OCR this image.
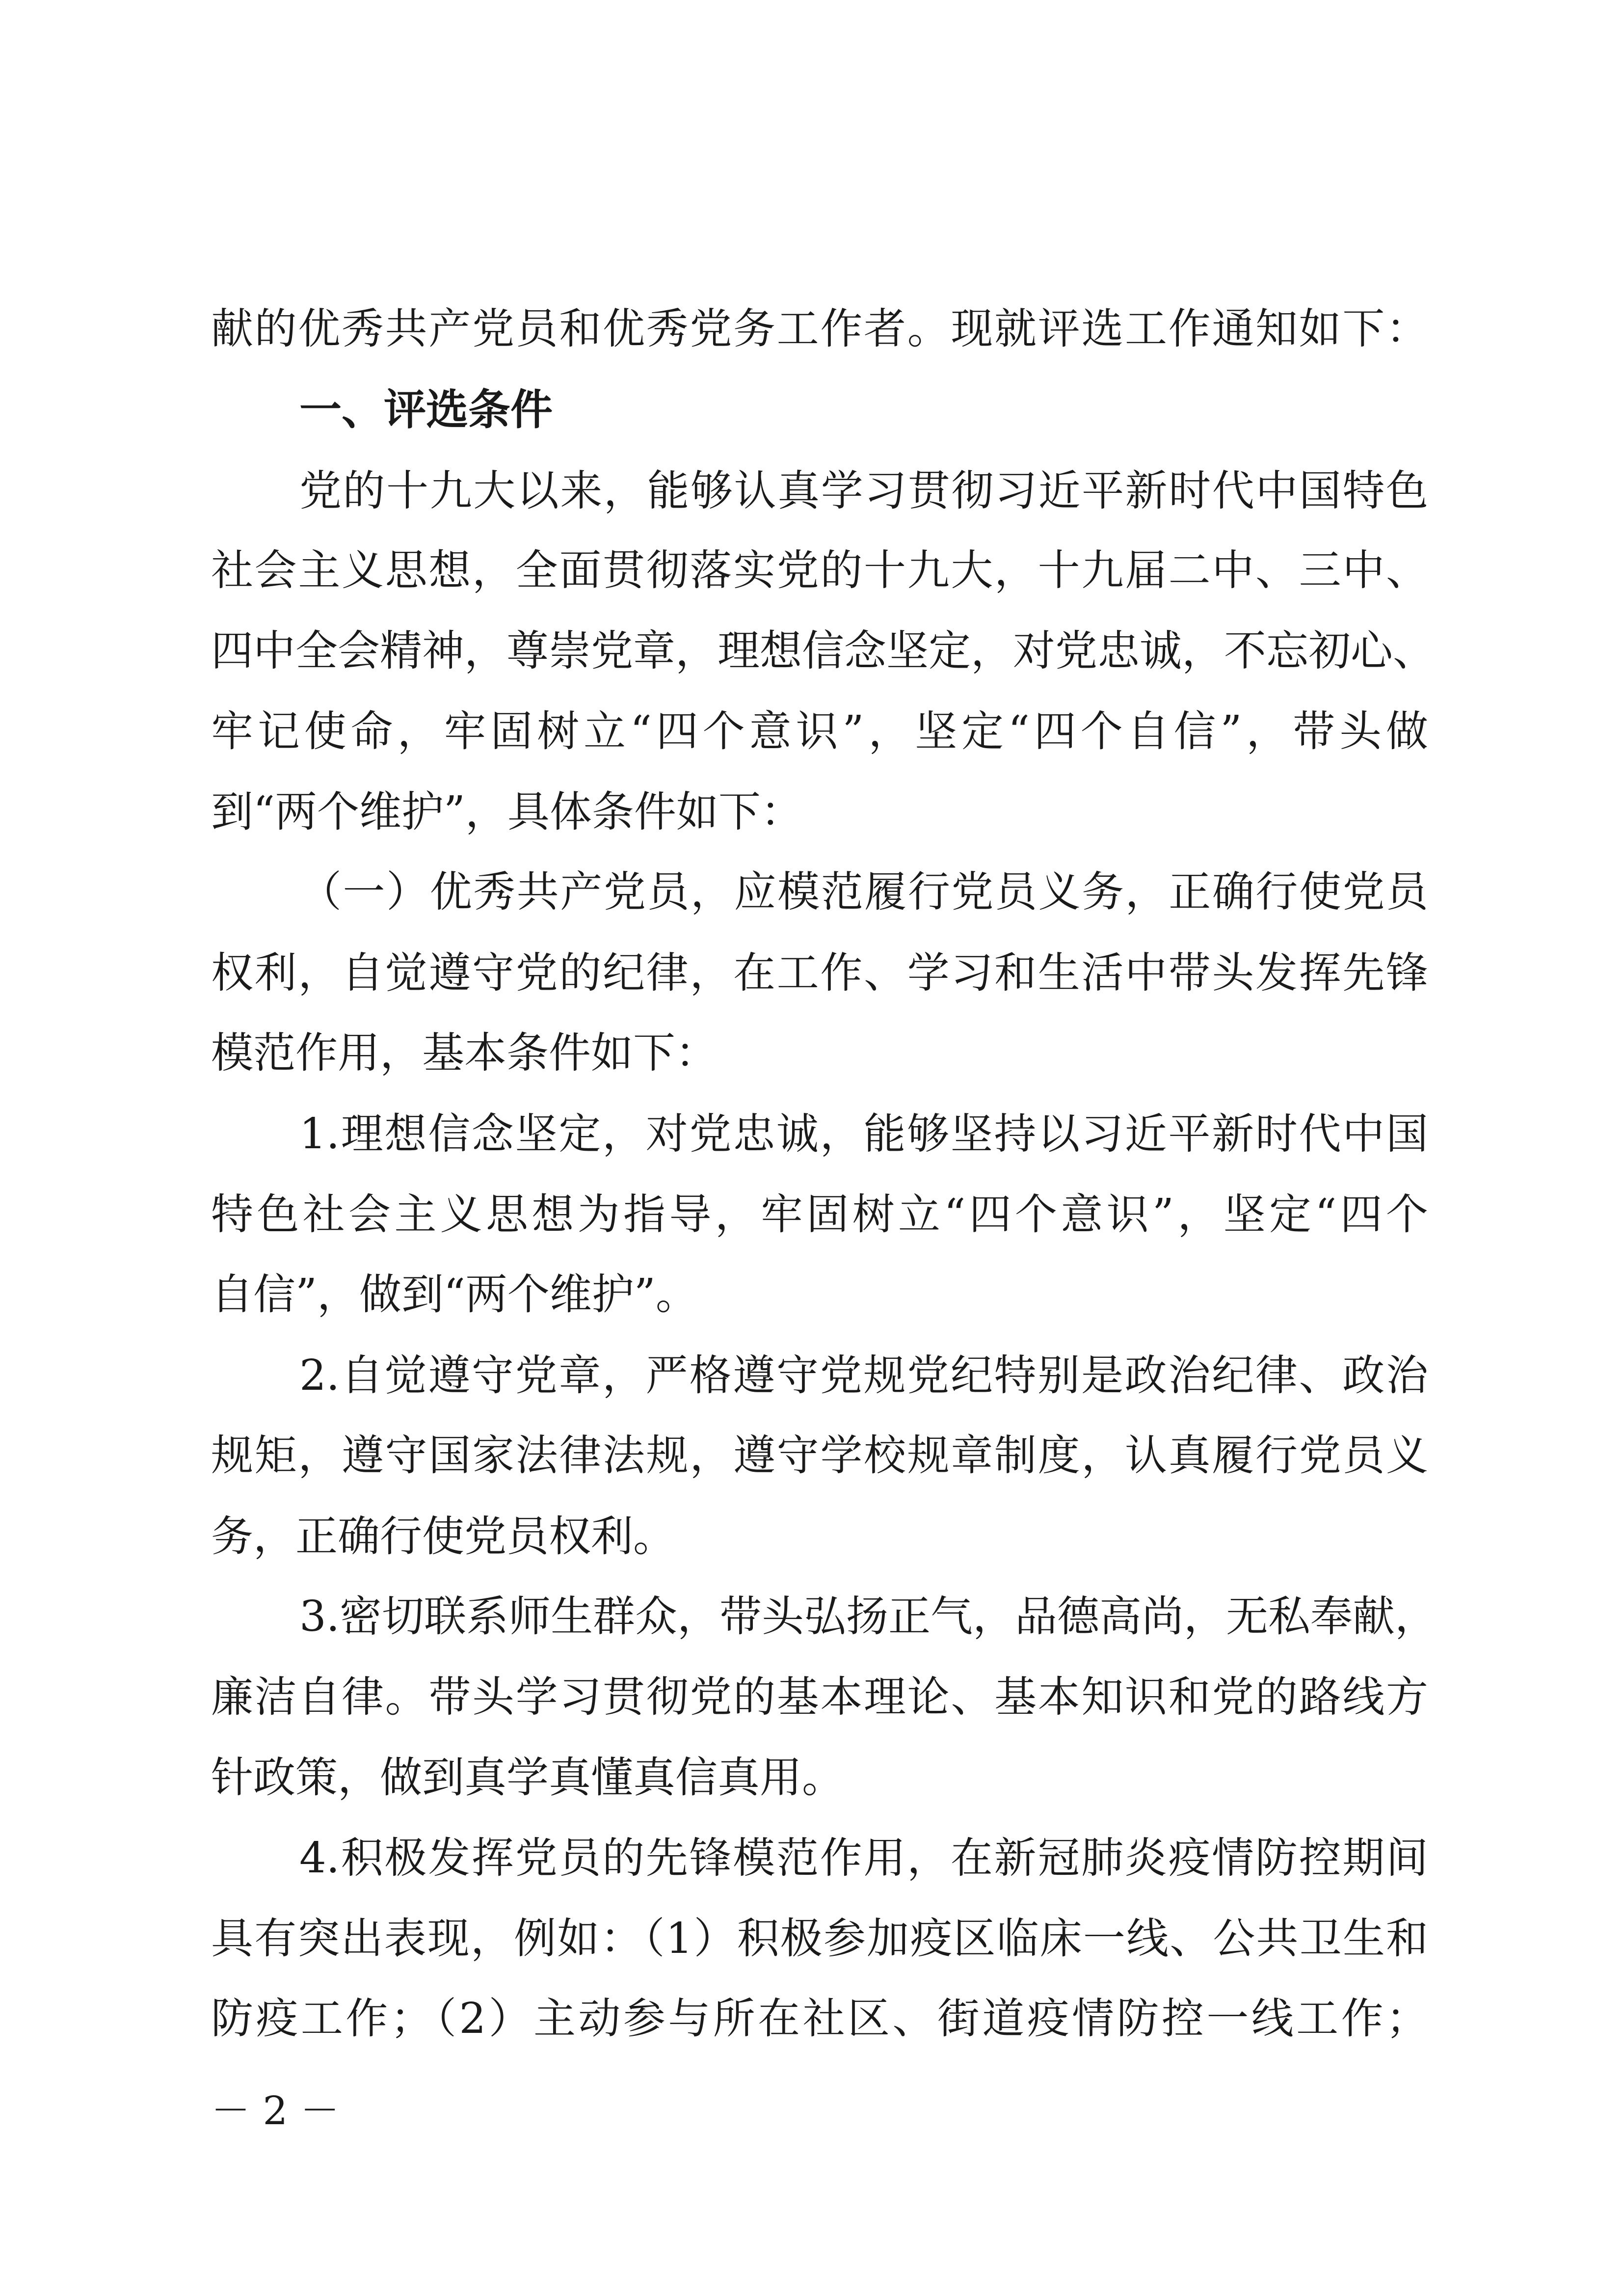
献的优秀共产党员和优秀党务工作者。现就评选工作通知如下：

一、评选条件

党的十九大以来，能够认真学习贯彻习近平新时代中国特色

社会主义思想，全面贯彻落实党的十九大，十九届二中、三中、

四中全会精神，尊崇党章，理想信念坚定，对党忠诚，不忘初心、

牢记使命，牢固树立“四个意识”，坚定“四个自信”，带头做

到“两个维护”，具体条件如下：

（一）优秀共产党员，应模范履行党员义务，正确行使党员

权利，自觉遵守党的纪律，在工作、学习和生活中带头发挥先锋

模范作用，基本条件如下：

1.理想信念坚定，对党忠诚，能够坚持以习近平新时代中国

特色社会主义思想为指导，牢固树立“四个意识”，坚定“四个

自信”，做到“两个维护”。

2.自觉遵守党章，严格遵守党规党纪特别是政治纪律、政治

规矩，遵守国家法律法规，遵守学校规章制度，认真履行党员义

务，正确行使党员权利。

3.密切联系师生群众，带头弘扬正气，品德高尚，无私奉献，

廉洁自律。带头学习贯彻党的基本理论、基本知识和党的路线方

针政策，做到真学真懂真信真用。

4.积极发挥党员的先锋模范作用，在新冠肺炎疫情防控期间

具有突出表现，例如：（1）积极参加疫区临床一线、公共卫生和

防疫工作；（2）主动参与所在社区、街道疫情防控一线工作；

－ 2 －
